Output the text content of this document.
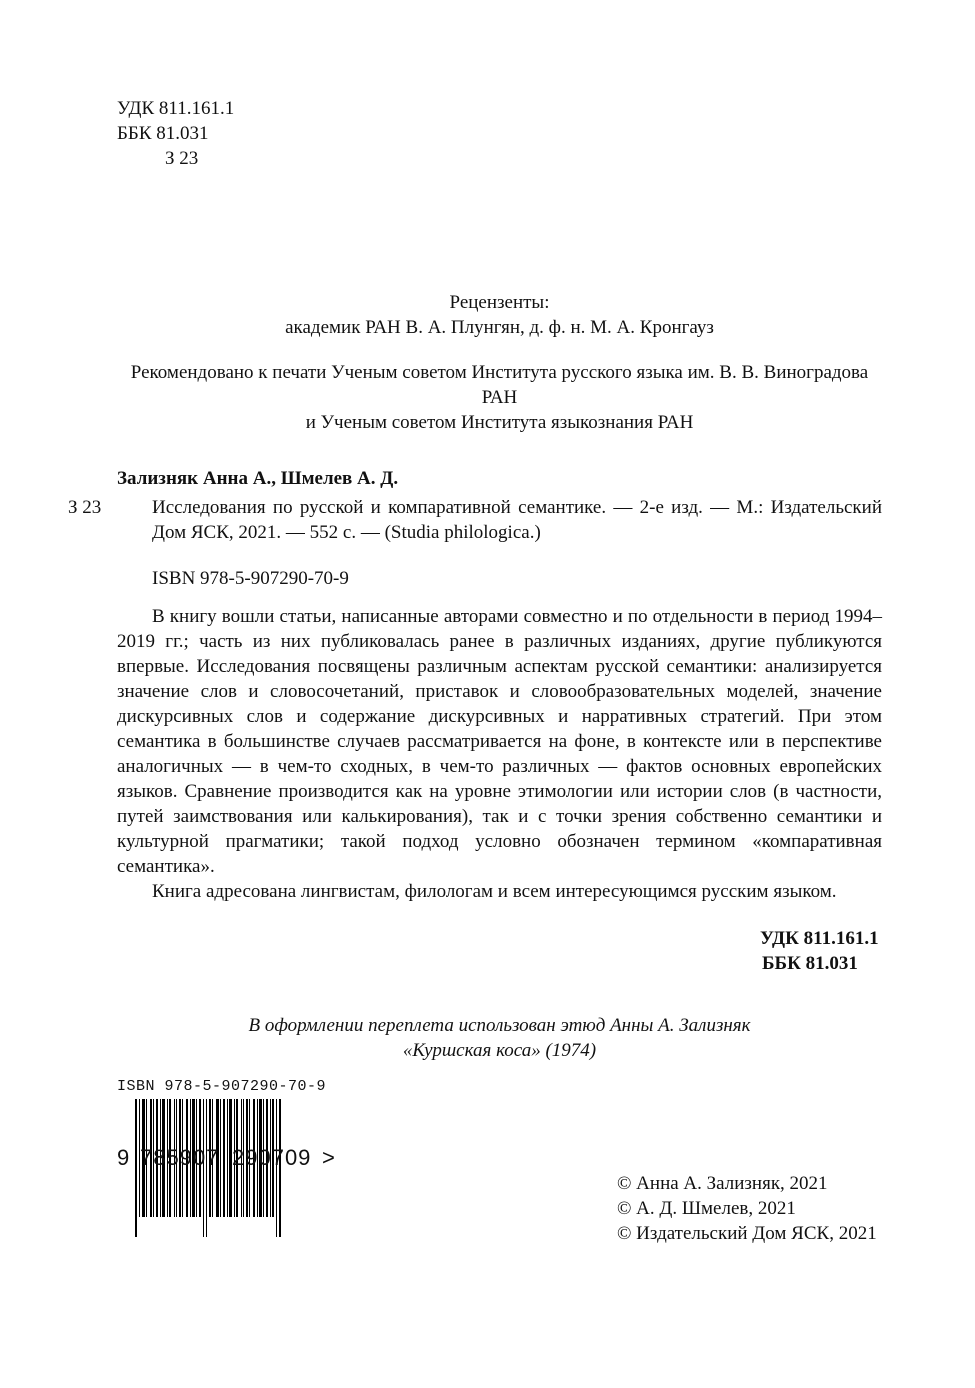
УДК 811.161.1
ББК 81.031
З 23
Рецензенты:
академик РАН В. А. Плунгян, д. ф. н. М. А. Кронгауз
Рекомендовано к печати Ученым советом Института русского языка им. В. В. Виноградова РАН
и Ученым советом Института языкознания РАН
Зализняк Анна А., Шмелев А. Д.
З 23	Исследования по русской и компаративной семантике. — 2-е изд. — М.: Издательский Дом ЯСК, 2021. — 552 с. — (Studia philologica.)
ISBN 978-5-907290-70-9

В книгу вошли статьи, написанные авторами совместно и по отдельности в период 1994–2019 гг.; часть из них публиковалась ранее в различных изданиях, другие публикуются впервые. Исследования посвящены различным аспектам русской семантики: анализируется значение слов и словосочетаний, приставок и словообразовательных моделей, значение дискурсивных слов и содержание дискурсивных и нарративных стратегий. При этом семантика в большинстве случаев рассматривается на фоне, в контексте или в перспективе аналогичных — в чем-то сходных, в чем-то различных — фактов основных европейских языков. Сравнение производится как на уровне этимологии или истории слов (в частности, путей заимствования или калькирования), так и с точки зрения собственно семантики и культурной прагматики; такой подход условно обозначен термином «компаративная семантика».

Книга адресована лингвистам, филологам и всем интересующимся русским языком.

УДК 811.161.1
ББК 81.031
В оформлении переплета использован этюд Анны А. Зализняк
«Куршская коса» (1974)
ISBN 978-5-907290-70-9
9 785907 290709 >
© Анна А. Зализняк, 2021
© А. Д. Шмелев, 2021
© Издательский Дом ЯСК, 2021
